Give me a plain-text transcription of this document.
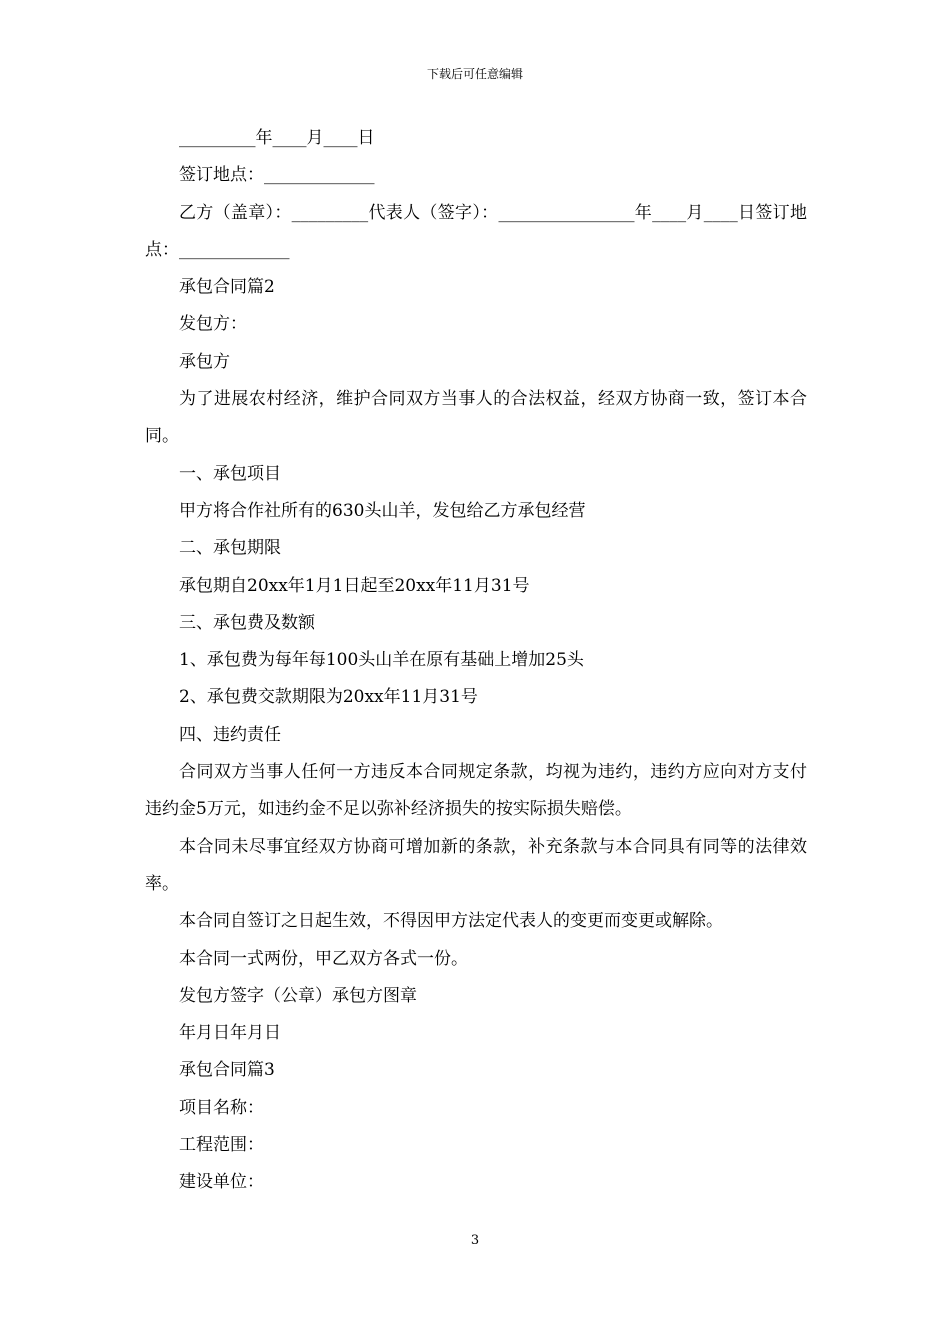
下载后可任意编辑

_________年____月____日

签订地点：_____________

乙方（盖章）：_________代表人（签字）：________________年____月____日签订地点：_____________

承包合同篇2

发包方：

承包方

为了进展农村经济，维护合同双方当事人的合法权益，经双方协商一致，签订本合同。

一、承包项目

甲方将合作社所有的630头山羊，发包给乙方承包经营

二、承包期限

承包期自20xx年1月1日起至20xx年11月31号

三、承包费及数额

1、承包费为每年每100头山羊在原有基础上增加25头

2、承包费交款期限为20xx年11月31号

四、违约责任

合同双方当事人任何一方违反本合同规定条款，均视为违约，违约方应向对方支付违约金5万元，如违约金不足以弥补经济损失的按实际损失赔偿。

本合同未尽事宜经双方协商可增加新的条款，补充条款与本合同具有同等的法律效率。

本合同自签订之日起生效，不得因甲方法定代表人的变更而变更或解除。

本合同一式两份，甲乙双方各式一份。

发包方签字（公章）承包方图章

年月日年月日

承包合同篇3

项目名称：

工程范围：

建设单位：

3
